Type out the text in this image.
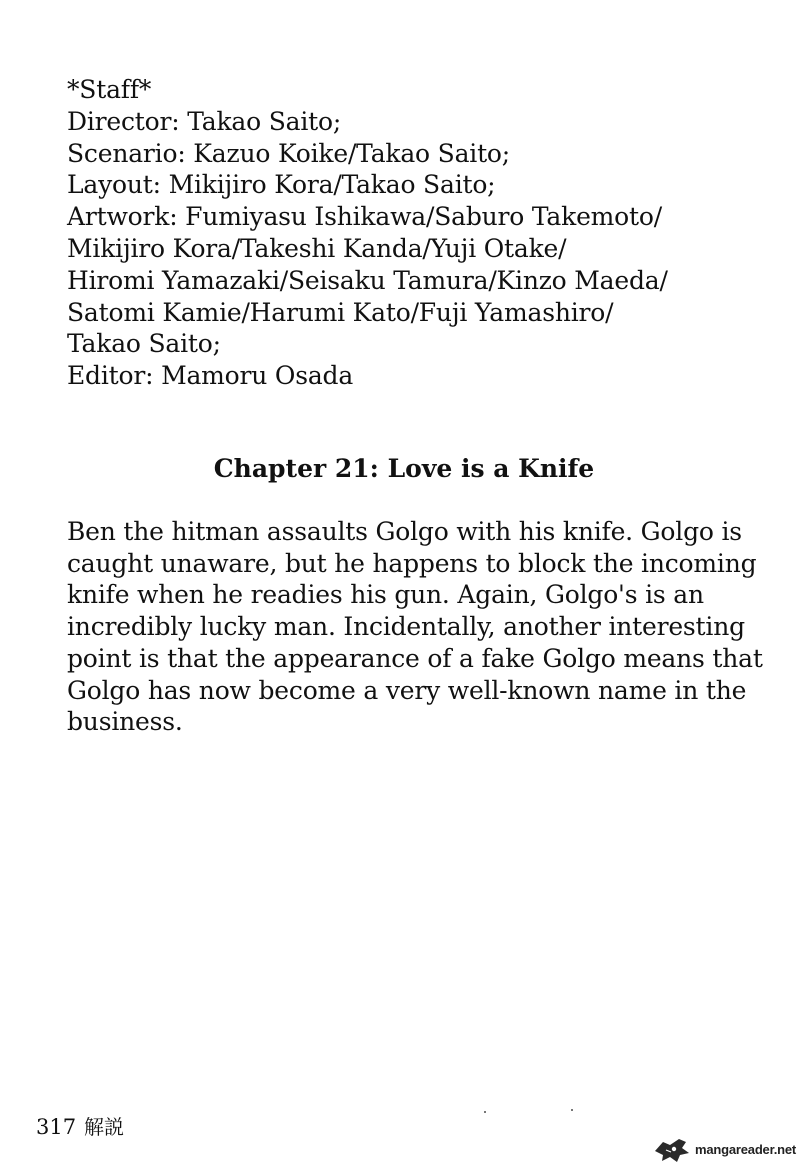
*Staff*
Director: Takao Saito;
Scenario: Kazuo Koike/Takao Saito;
Layout: Mikijiro Kora/Takao Saito;
Artwork: Fumiyasu Ishikawa/Saburo Takemoto/
Mikijiro Kora/Takeshi Kanda/Yuji Otake/
Hiromi Yamazaki/Seisaku Tamura/Kinzo Maeda/
Satomi Kamie/Harumi Kato/Fuji Yamashiro/
Takao Saito;
Editor: Mamoru Osada
Chapter 21: Love is a Knife
Ben the hitman assaults Golgo with his knife. Golgo is
caught unaware, but he happens to block the incoming
knife when he readies his gun. Again, Golgo's is an
incredibly lucky man. Incidentally, another interesting
point is that the appearance of a fake Golgo means that
Golgo has now become a very well-known name in the
business.
317 解説
mangareader.net
